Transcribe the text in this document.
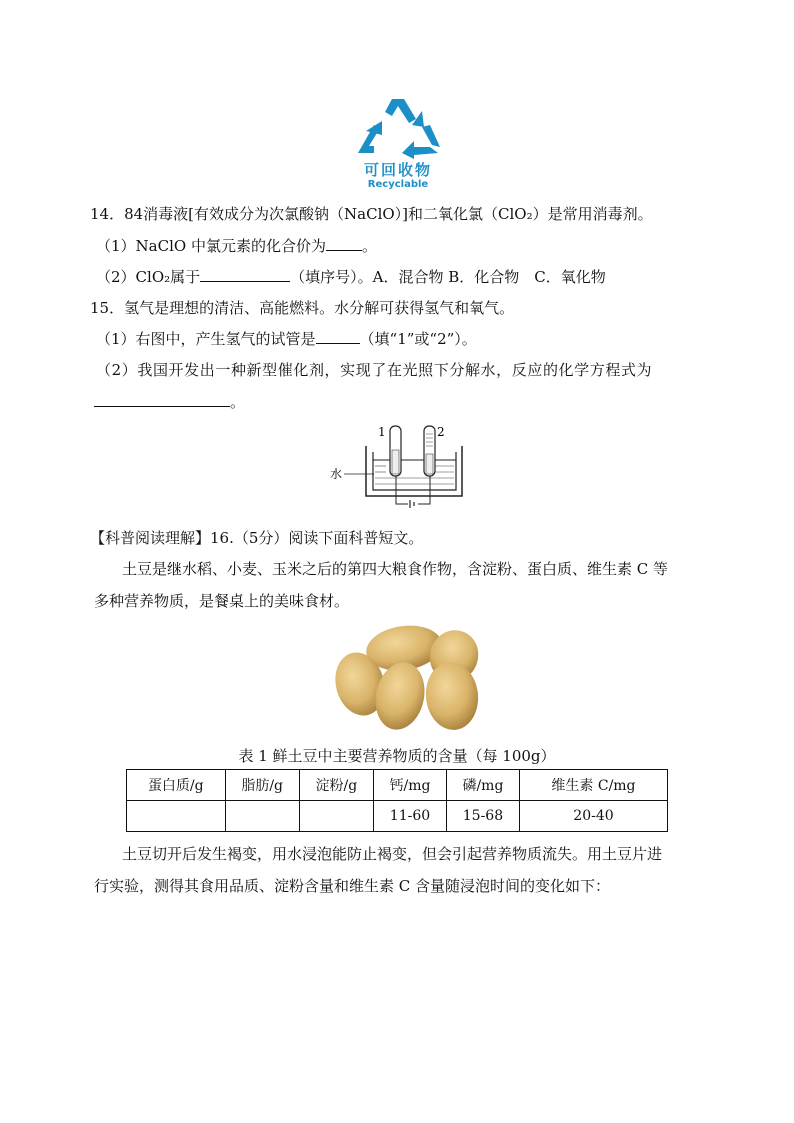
可回收物
Recyclable
14．84消毒液[有效成分为次氯酸钠（NaClO）]和二氧化氯（ClO₂）是常用消毒剂。
（1）NaClO 中氯元素的化合价为 。
（2）ClO₂属于	（填序号）。A．混合物 B．化合物　C．氧化物
15．氢气是理想的清洁、高能燃料。水分解可获得氢气和氧气。
（1）右图中，产生氢气的试管是	（填“1”或“2”）。
（2）我国开发出一种新型催化剂，实现了在光照下分解水，反应的化学方程式为
。
水
1	2
【科普阅读理解】16.（5分）阅读下面科普短文。
土豆是继水稻、小麦、玉米之后的第四大粮食作物，含淀粉、蛋白质、维生素 C 等
多种营养物质，是餐桌上的美味食材。
表 1 鲜土豆中主要营养物质的含量（每 100g）
蛋白质/g	脂肪/g	淀粉/g	钙/mg	磷/mg	维生素 C/mg
			11-60	15-68	20-40
土豆切开后发生褐变，用水浸泡能防止褐变，但会引起营养物质流失。用土豆片进
行实验，测得其食用品质、淀粉含量和维生素 C 含量随浸泡时间的变化如下：
